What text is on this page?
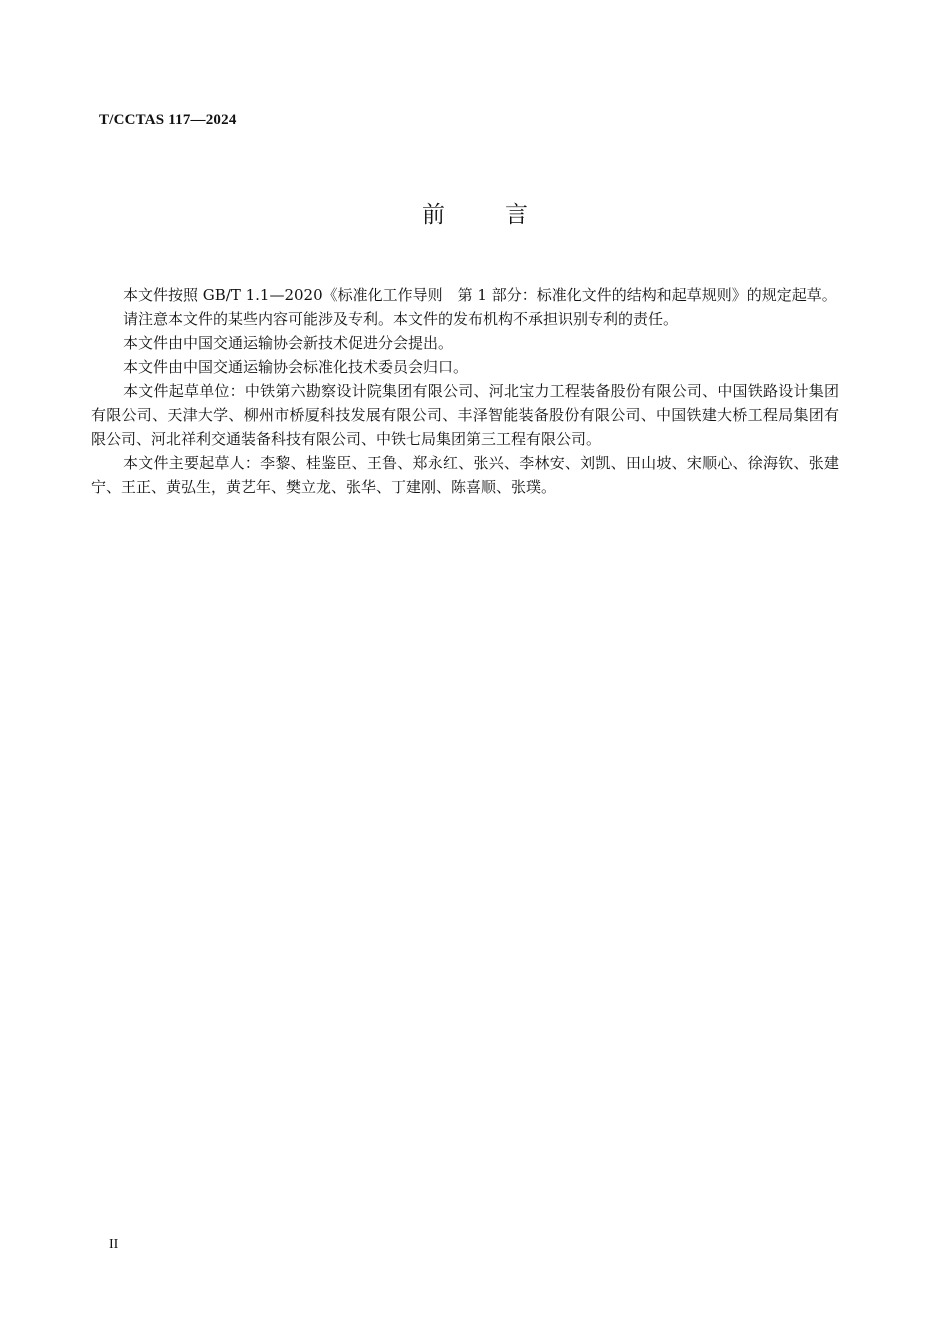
T/CCTAS 117—2024
前	言

本文件按照 GB/T 1.1—2020《标准化工作导则　第 1 部分：标准化文件的结构和起草规则》的规定起草。

请注意本文件的某些内容可能涉及专利。本文件的发布机构不承担识别专利的责任。

本文件由中国交通运输协会新技术促进分会提出。

本文件由中国交通运输协会标准化技术委员会归口。

本文件起草单位：中铁第六勘察设计院集团有限公司、河北宝力工程装备股份有限公司、中国铁路设计集团有限公司、天津大学、柳州市桥厦科技发展有限公司、丰泽智能装备股份有限公司、中国铁建大桥工程局集团有限公司、河北祥利交通装备科技有限公司、中铁七局集团第三工程有限公司。

本文件主要起草人：李黎、桂鉴臣、王鲁、郑永红、张兴、李林安、刘凯、田山坡、宋顺心、徐海钦、张建宁、王正、黄弘生，黄艺年、樊立龙、张华、丁建刚、陈喜顺、张璞。

II
